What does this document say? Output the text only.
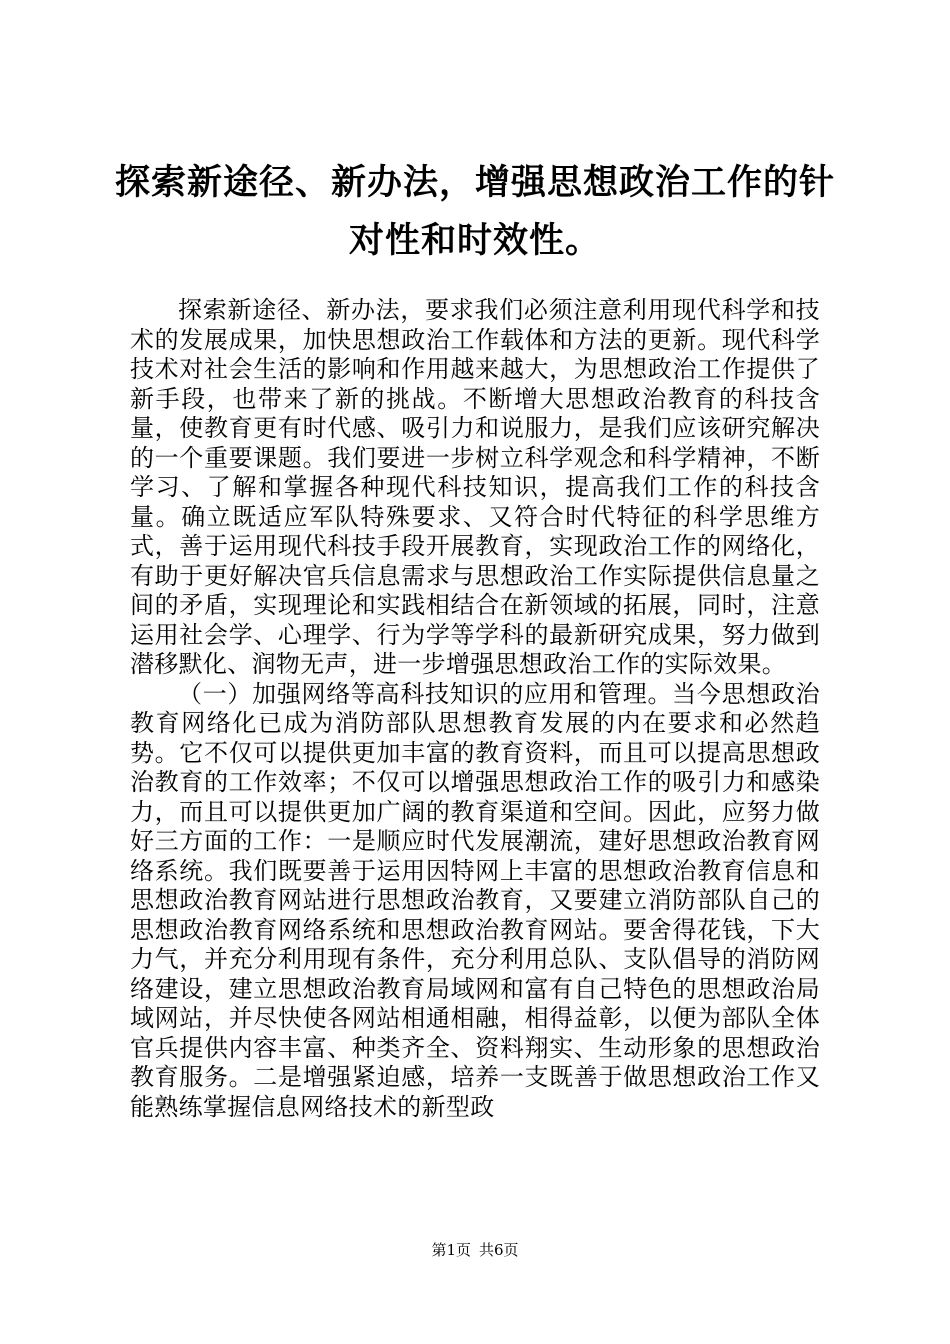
探索新途径、新办法，增强思想政治工作的针
对性和时效性。

探索新途径、新办法，要求我们必须注意利用现代科学和技术的发展成果，加快思想政治工作载体和方法的更新。现代科学技术对社会生活的影响和作用越来越大，为思想政治工作提供了新手段，也带来了新的挑战。不断增大思想政治教育的科技含量，使教育更有时代感、吸引力和说服力，是我们应该研究解决的一个重要课题。我们要进一步树立科学观念和科学精神，不断学习、了解和掌握各种现代科技知识，提高我们工作的科技含量。确立既适应军队特殊要求、又符合时代特征的科学思维方式，善于运用现代科技手段开展教育，实现政治工作的网络化，有助于更好解决官兵信息需求与思想政治工作实际提供信息量之间的矛盾，实现理论和实践相结合在新领域的拓展，同时，注意运用社会学、心理学、行为学等学科的最新研究成果，努力做到潜移默化、润物无声，进一步增强思想政治工作的实际效果。

（一）加强网络等高科技知识的应用和管理。当今思想政治教育网络化已成为消防部队思想教育发展的内在要求和必然趋势。它不仅可以提供更加丰富的教育资料，而且可以提高思想政治教育的工作效率；不仅可以增强思想政治工作的吸引力和感染力，而且可以提供更加广阔的教育渠道和空间。因此，应努力做好三方面的工作：一是顺应时代发展潮流，建好思想政治教育网络系统。我们既要善于运用因特网上丰富的思想政治教育信息和思想政治教育网站进行思想政治教育，又要建立消防部队自己的思想政治教育网络系统和思想政治教育网站。要舍得花钱，下大力气，并充分利用现有条件，充分利用总队、支队倡导的消防网络建设，建立思想政治教育局域网和富有自己特色的思想政治局域网站，并尽快使各网站相通相融，相得益彰，以便为部队全体官兵提供内容丰富、种类齐全、资料翔实、生动形象的思想政治教育服务。二是增强紧迫感，培养一支既善于做思想政治工作又能熟练掌握信息网络技术的新型政

第1页 共6页
